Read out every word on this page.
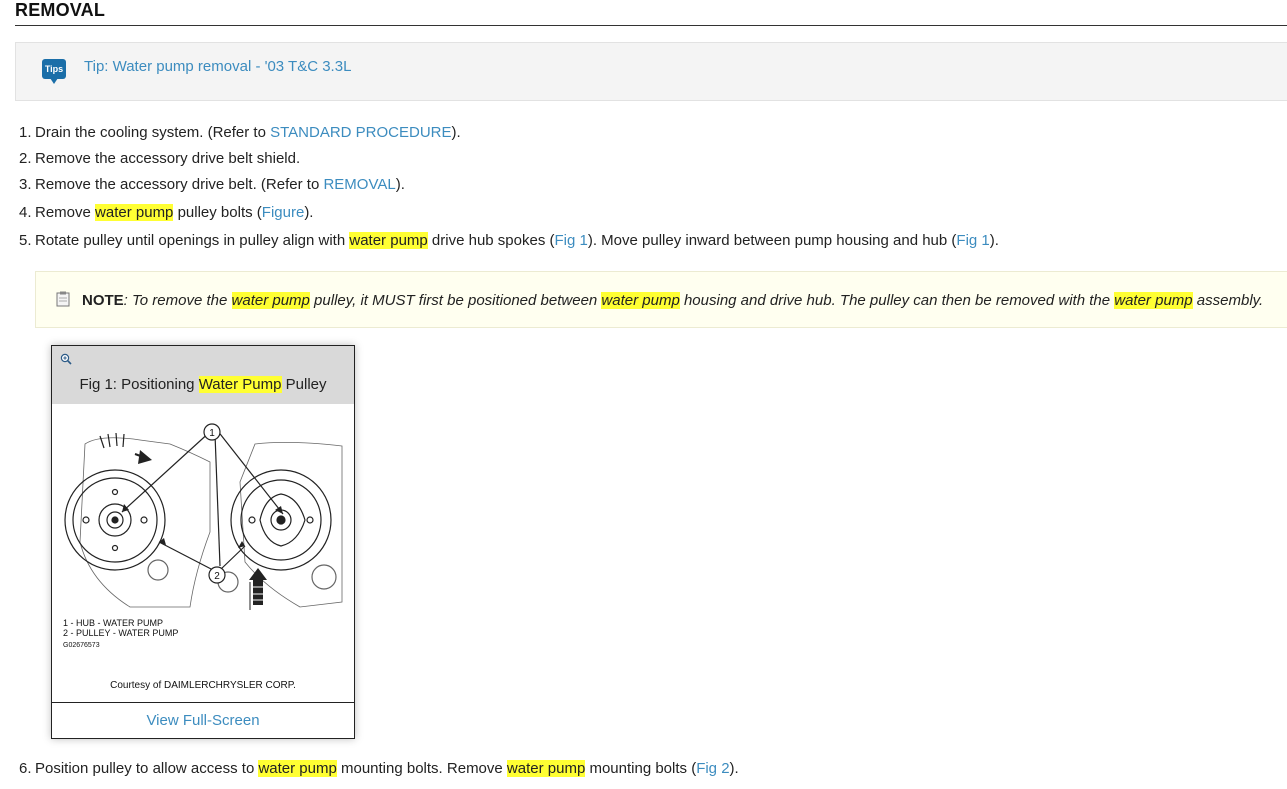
REMOVAL
Tips Tip: Water pump removal - '03 T&C 3.3L
1. Drain the cooling system. (Refer to STANDARD PROCEDURE).
2. Remove the accessory drive belt shield.
3. Remove the accessory drive belt. (Refer to REMOVAL).
4. Remove water pump pulley bolts (Figure).
5. Rotate pulley until openings in pulley align with water pump drive hub spokes (Fig 1). Move pulley inward between pump housing and hub (Fig 1).
6. Position pulley to allow access to water pump mounting bolts. Remove water pump mounting bolts (Fig 2).
NOTE: To remove the water pump pulley, it MUST first be positioned between water pump housing and drive hub. The pulley can then be removed with the water pump assembly.
Fig 1: Positioning Water Pump Pulley
1
2
1 - HUB - WATER PUMP
2 - PULLEY - WATER PUMP
G02676573
Courtesy of DAIMLERCHRYSLER CORP.
View Full-Screen
